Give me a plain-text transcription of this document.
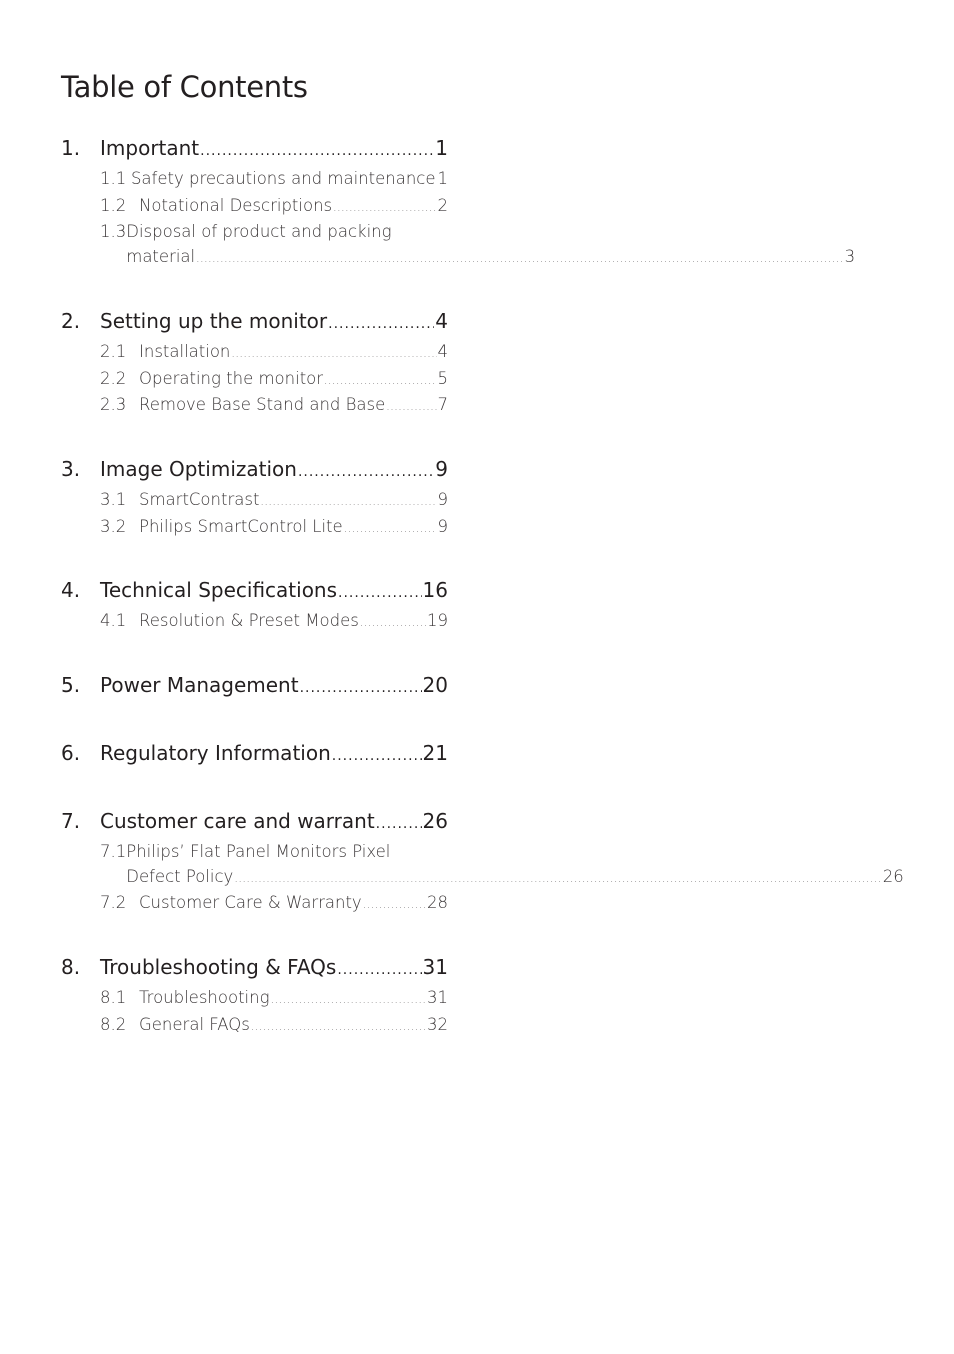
Table of Contents
1. Important .....	1
1.1 Safety precautions and maintenance 1
1.2 Notational Descriptions .....	2
1.3 Disposal of product and packing
material .....	3
2. Setting up the monitor .....	4
2.1 Installation .....	4
2.2 Operating the monitor .....	5
2.3 Remove Base Stand and Base .....	7
3. Image Optimization .....	9
3.1 SmartContrast .....	9
3.2 Philips SmartControl Lite .....	9
4. Technical Specifications .....	16
4.1 Resolution & Preset Modes .....	19
5. Power Management .....	20
6. Regulatory Information .....	21
7. Customer care and warrant ..... 26
7.1 Philips’ Flat Panel Monitors Pixel
Defect Policy .....	26
7.2 Customer Care & Warranty .....	28
8. Troubleshooting & FAQs .....	31
8.1 Troubleshooting .....	31
8.2 General FAQs .....	32
